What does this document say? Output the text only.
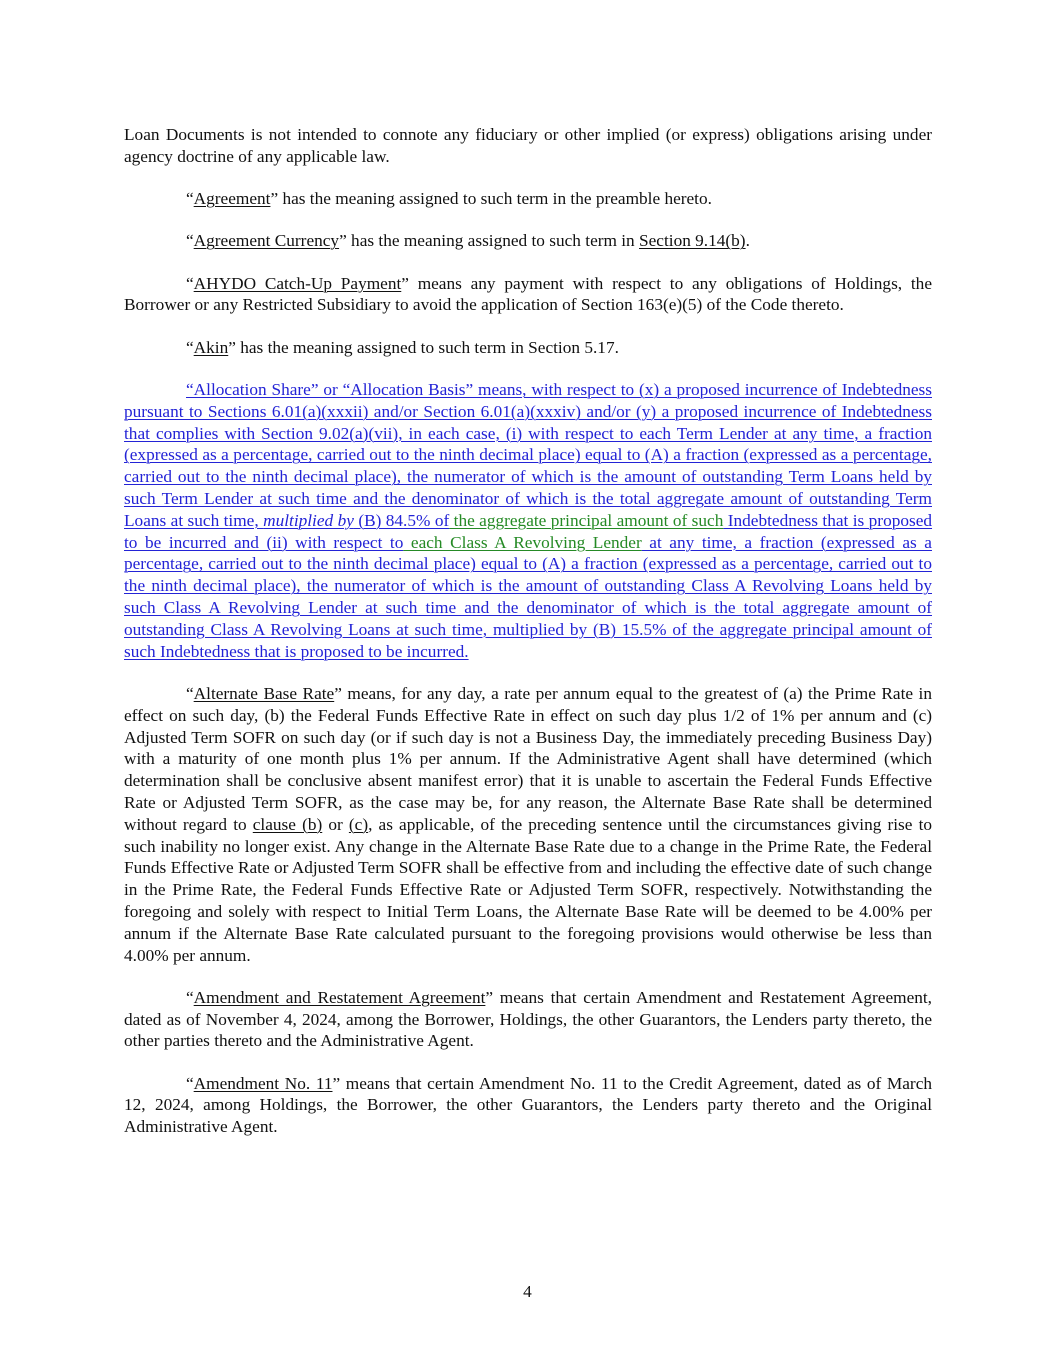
Loan Documents is not intended to connote any fiduciary or other implied (or express) obligations arising under agency doctrine of any applicable law.

“Agreement” has the meaning assigned to such term in the preamble hereto.

“Agreement Currency” has the meaning assigned to such term in Section 9.14(b).

“AHYDO Catch-Up Payment” means any payment with respect to any obligations of Holdings, the Borrower or any Restricted Subsidiary to avoid the application of Section 163(e)(5) of the Code thereto.

“Akin” has the meaning assigned to such term in Section 5.17.

“Allocation Share” or “Allocation Basis” means, with respect to (x) a proposed incurrence of Indebtedness pursuant to Sections 6.01(a)(xxxii) and/or Section 6.01(a)(xxxiv) and/or (y) a proposed incurrence of Indebtedness that complies with Section 9.02(a)(vii), in each case, (i) with respect to each Term Lender at any time, a fraction (expressed as a percentage, carried out to the ninth decimal place) equal to (A) a fraction (expressed as a percentage, carried out to the ninth decimal place), the numerator of which is the amount of outstanding Term Loans held by such Term Lender at such time and the denominator of which is the total aggregate amount of outstanding Term Loans at such time, multiplied by (B) 84.5% of the aggregate principal amount of such Indebtedness that is proposed to be incurred and (ii) with respect to each Class A Revolving Lender at any time, a fraction (expressed as a percentage, carried out to the ninth decimal place) equal to (A) a fraction (expressed as a percentage, carried out to the ninth decimal place), the numerator of which is the amount of outstanding Class A Revolving Loans held by such Class A Revolving Lender at such time and the denominator of which is the total aggregate amount of outstanding Class A Revolving Loans at such time, multiplied by (B) 15.5% of the aggregate principal amount of such Indebtedness that is proposed to be incurred.

“Alternate Base Rate” means, for any day, a rate per annum equal to the greatest of (a) the Prime Rate in effect on such day, (b) the Federal Funds Effective Rate in effect on such day plus 1/2 of 1% per annum and (c) Adjusted Term SOFR on such day (or if such day is not a Business Day, the immediately preceding Business Day) with a maturity of one month plus 1% per annum. If the Administrative Agent shall have determined (which determination shall be conclusive absent manifest error) that it is unable to ascertain the Federal Funds Effective Rate or Adjusted Term SOFR, as the case may be, for any reason, the Alternate Base Rate shall be determined without regard to clause (b) or (c), as applicable, of the preceding sentence until the circumstances giving rise to such inability no longer exist. Any change in the Alternate Base Rate due to a change in the Prime Rate, the Federal Funds Effective Rate or Adjusted Term SOFR shall be effective from and including the effective date of such change in the Prime Rate, the Federal Funds Effective Rate or Adjusted Term SOFR, respectively. Notwithstanding the foregoing and solely with respect to Initial Term Loans, the Alternate Base Rate will be deemed to be 4.00% per annum if the Alternate Base Rate calculated pursuant to the foregoing provisions would otherwise be less than 4.00% per annum.

“Amendment and Restatement Agreement” means that certain Amendment and Restatement Agreement, dated as of November 4, 2024, among the Borrower, Holdings, the other Guarantors, the Lenders party thereto, the other parties thereto and the Administrative Agent.

“Amendment No. 11” means that certain Amendment No. 11 to the Credit Agreement, dated as of March 12, 2024, among Holdings, the Borrower, the other Guarantors, the Lenders party thereto and the Original Administrative Agent.

4
